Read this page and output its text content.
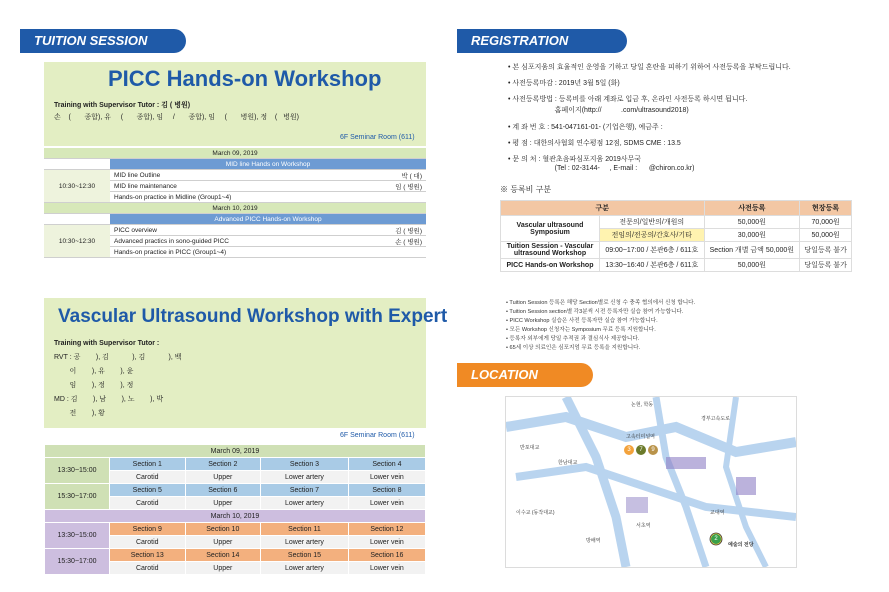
TUITION SESSION
PICC Hands-on Workshop
Training with Supervisor Tutor : 김 ( 병원)
손    (       종합), 유     (       종합), 임     /       종합), 임     (       병원), 정    (   병원)
6F Seminar Room (611)
March 09, 2019		
	MID line Hands on Workshop	
10:30~12:30	MID line Outline	박 ( 대)
	MID line maintenance	임 ( 병원)
	Hands-on practice in Midline (Group1~4)	
March 10, 2019		
	Advanced PICC Hands-on Workshop	
10:30~12:30	PICC overview	김 ( 병원)
	Advanced practics in sono-guided PICC	손 ( 병원)
	Hands-on practice in PICC (Group1~4)	
Vascular Ultrasound Workshop with Expert
Training with Supervisor Tutor :
RVT : 공        ), 김            ), 김            ), 백
이        ), 유        ), 윤
임        ), 정        ), 정
MD : 김        ), 남        ), 노        ), 박
전        ), 황
6F Seminar Room (611)
March 09, 2019				
13:30~15:00	Section 1	Section 2	Section 3	Section 4
	Carotid	Upper	Lower artery	Lower vein
15:30~17:00	Section 5	Section 6	Section 7	Section 8
	Carotid	Upper	Lower artery	Lower vein
March 10, 2019				
13:30~15:00	Section 9	Section 10	Section 11	Section 12
	Carotid	Upper	Lower artery	Lower vein
15:30~17:00	Section 13	Section 14	Section 15	Section 16
	Carotid	Upper	Lower artery	Lower vein
REGISTRATION
• 본 심포지움의 효율적인 운영을 기하고 당일 혼란을 피하기 위하여 사전등록을 부탁드립니다.
• 사전등록마감 : 2019년 3월 5일 (화)
• 사전등록방법 : 등록비를 아래 계좌로 입금 후, 온라인 사전등록 하시면 됩니다.
홈페이지(http://          .com/ultrasound2018)
• 계 좌 번 호 : 541-047161-01- (기업은행), 예금주 :
• 평 점 : 대한의사협회 연수평점 12점, SDMS CME : 13.5
• 문 의 처 : 혈관초음파심포지움 2019사무국
(Tel : 02-3144-     , E-mail :      @chiron.co.kr)
※ 등록비 구분
구분		사전등록	현장등록
Vascular ultrasound Symposium	전문의/일반의/개원의	50,000원	70,000원
	전임의/전공의/간호사/기타	30,000원	50,000원
Tuition Session - Vascular ultrasound Workshop	09:00~17:00 / 본관6층 / 611호	Section 개별 금액 50,000원	당일등록 불가
PICC Hands-on Workshop	13:30~16:40 / 본관6층 / 611호	50,000원	당일등록 불가
• Tuition Session 등록은 해당 Section별로 신청 수 충족 협의에서 신청 합니다.
• Tuition Session section별 각3분씩 시전 등록자만 실습 참여 가능합니다.
• PICC Workshop 실습은 사전 등록자만 실습 참여 가능합니다.
• 모든 Workshop 신청자는 Symposium 무료 등록 지원합니다.
• 등록자 외부에게 당일 추적권 과 결심식사 제공합니다.
• 65세 이상 의료인은 심포지엄 무료 등록을 지원합니다.
LOCATION
논현, 학동
경부고속도로
반포대교
고속터미널역
한남대교
이수교 (동작대교)
서초역
교대역
예술의 전당
방배역
3	7	9
2
